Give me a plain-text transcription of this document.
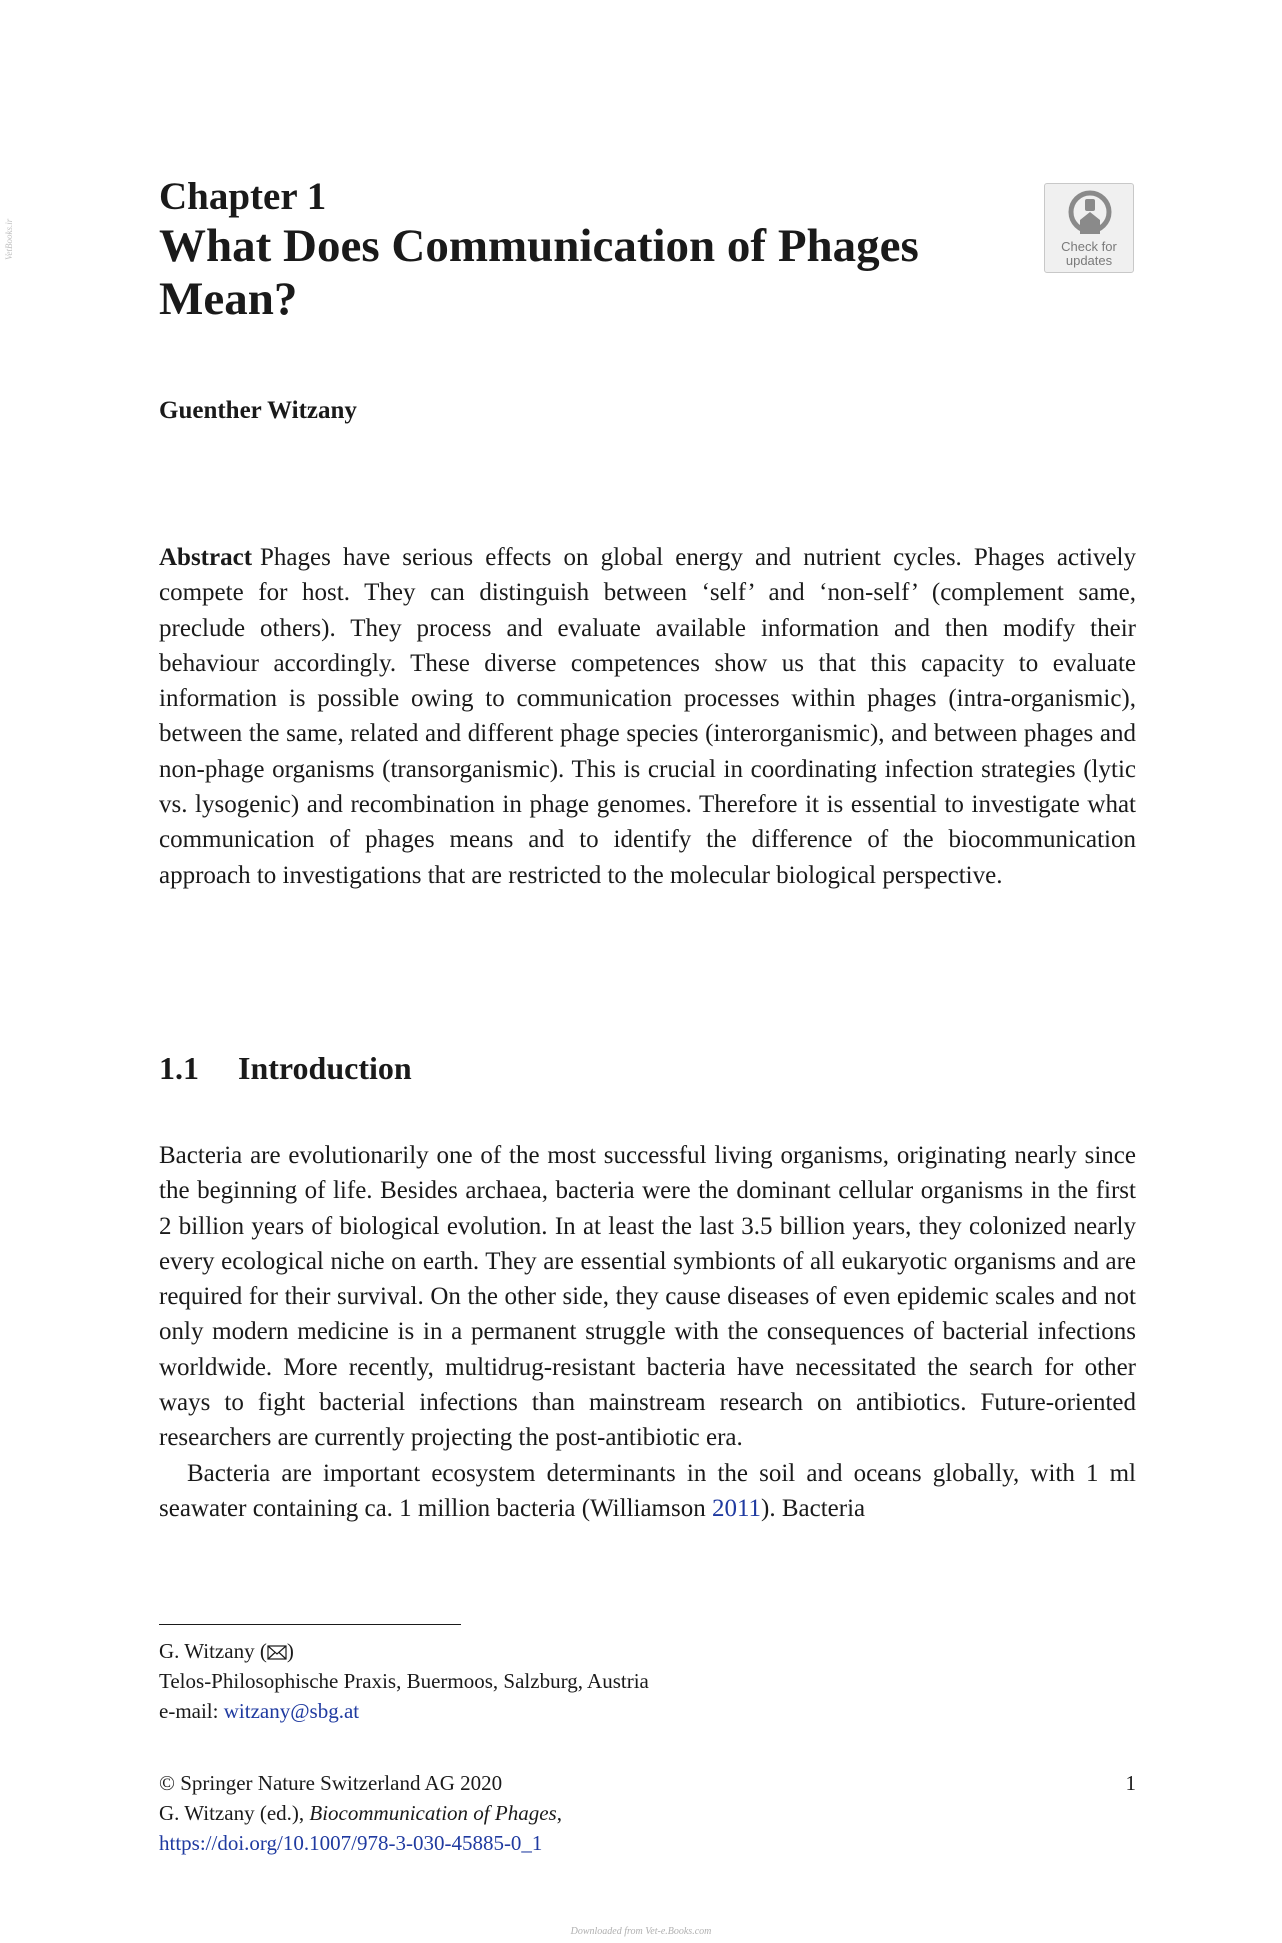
Chapter 1
What Does Communication of Phages
Mean?
Check for
updates
Guenther Witzany
Abstract Phages have serious effects on global energy and nutrient cycles. Phages actively compete for host. They can distinguish between ‘self’ and ‘non-self’ (complement same, preclude others). They process and evaluate available information and then modify their behaviour accordingly. These diverse competences show us that this capacity to evaluate information is possible owing to communication processes within phages (intra-organismic), between the same, related and different phage species (interorganismic), and between phages and non-phage organisms (transorganismic). This is crucial in coordinating infection strategies (lytic vs. lysogenic) and recombination in phage genomes. Therefore it is essential to investigate what communication of phages means and to identify the difference of the biocommunication approach to investigations that are restricted to the molecular biological perspective.
1.1 Introduction

Bacteria are evolutionarily one of the most successful living organisms, originating nearly since the beginning of life. Besides archaea, bacteria were the dominant cellular organisms in the first 2 billion years of biological evolution. In at least the last 3.5 billion years, they colonized nearly every ecological niche on earth. They are essential symbionts of all eukaryotic organisms and are required for their survival. On the other side, they cause diseases of even epidemic scales and not only modern medicine is in a permanent struggle with the consequences of bacterial infections worldwide. More recently, multidrug-resistant bacteria have necessitated the search for other ways to fight bacterial infections than mainstream research on antibiotics. Future-oriented researchers are currently projecting the post-antibiotic era.

Bacteria are important ecosystem determinants in the soil and oceans globally, with 1 ml seawater containing ca. 1 million bacteria (Williamson 2011). Bacteria

G. Witzany ( )
Telos-Philosophische Praxis, Buermoos, Salzburg, Austria
e-mail: witzany@sbg.at
© Springer Nature Switzerland AG 2020
G. Witzany (ed.), Biocommunication of Phages,
https://doi.org/10.1007/978-3-030-45885-0_1
1
Downloaded from Vet-e.Books.com
VetBooks.ir
